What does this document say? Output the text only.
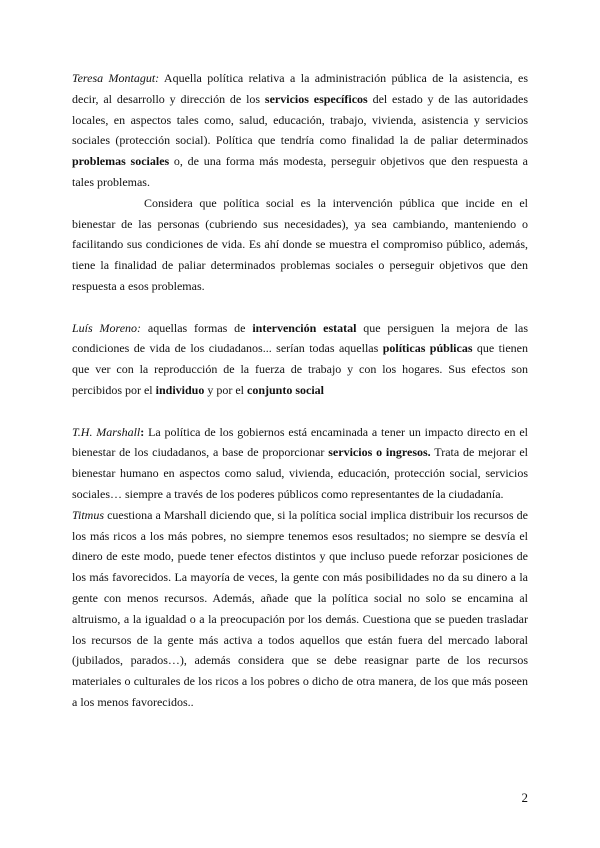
Teresa Montagut: Aquella política relativa a la administración pública de la asistencia, es decir, al desarrollo y dirección de los servicios específicos del estado y de las autoridades locales, en aspectos tales como, salud, educación, trabajo, vivienda, asistencia y servicios sociales (protección social). Política que tendría como finalidad la de paliar determinados problemas sociales o, de una forma más modesta, perseguir objetivos que den respuesta a tales problemas.

Considera que política social es la intervención pública que incide en el bienestar de las personas (cubriendo sus necesidades), ya sea cambiando, manteniendo o facilitando sus condiciones de vida. Es ahí donde se muestra el compromiso público, además, tiene la finalidad de paliar determinados problemas sociales o perseguir objetivos que den respuesta a esos problemas.

Luís Moreno: aquellas formas de intervención estatal que persiguen la mejora de las condiciones de vida de los ciudadanos... serían todas aquellas políticas públicas que tienen que ver con la reproducción de la fuerza de trabajo y con los hogares. Sus efectos son percibidos por el individuo y por el conjunto social

T.H. Marshall: La política de los gobiernos está encaminada a tener un impacto directo en el bienestar de los ciudadanos, a base de proporcionar servicios o ingresos. Trata de mejorar el bienestar humano en aspectos como salud, vivienda, educación, protección social, servicios sociales… siempre a través de los poderes públicos como representantes de la ciudadanía.

Titmus cuestiona a Marshall diciendo que, si la política social implica distribuir los recursos de los más ricos a los más pobres, no siempre tenemos esos resultados; no siempre se desvía el dinero de este modo, puede tener efectos distintos y que incluso puede reforzar posiciones de los más favorecidos. La mayoría de veces, la gente con más posibilidades no da su dinero a la gente con menos recursos. Además, añade que la política social no solo se encamina al altruismo, a la igualdad o a la preocupación por los demás. Cuestiona que se pueden trasladar los recursos de la gente más activa a todos aquellos que están fuera del mercado laboral (jubilados, parados…), además considera que se debe reasignar parte de los recursos materiales o culturales de los ricos a los pobres o dicho de otra manera, de los que más poseen a los menos favorecidos..

2
